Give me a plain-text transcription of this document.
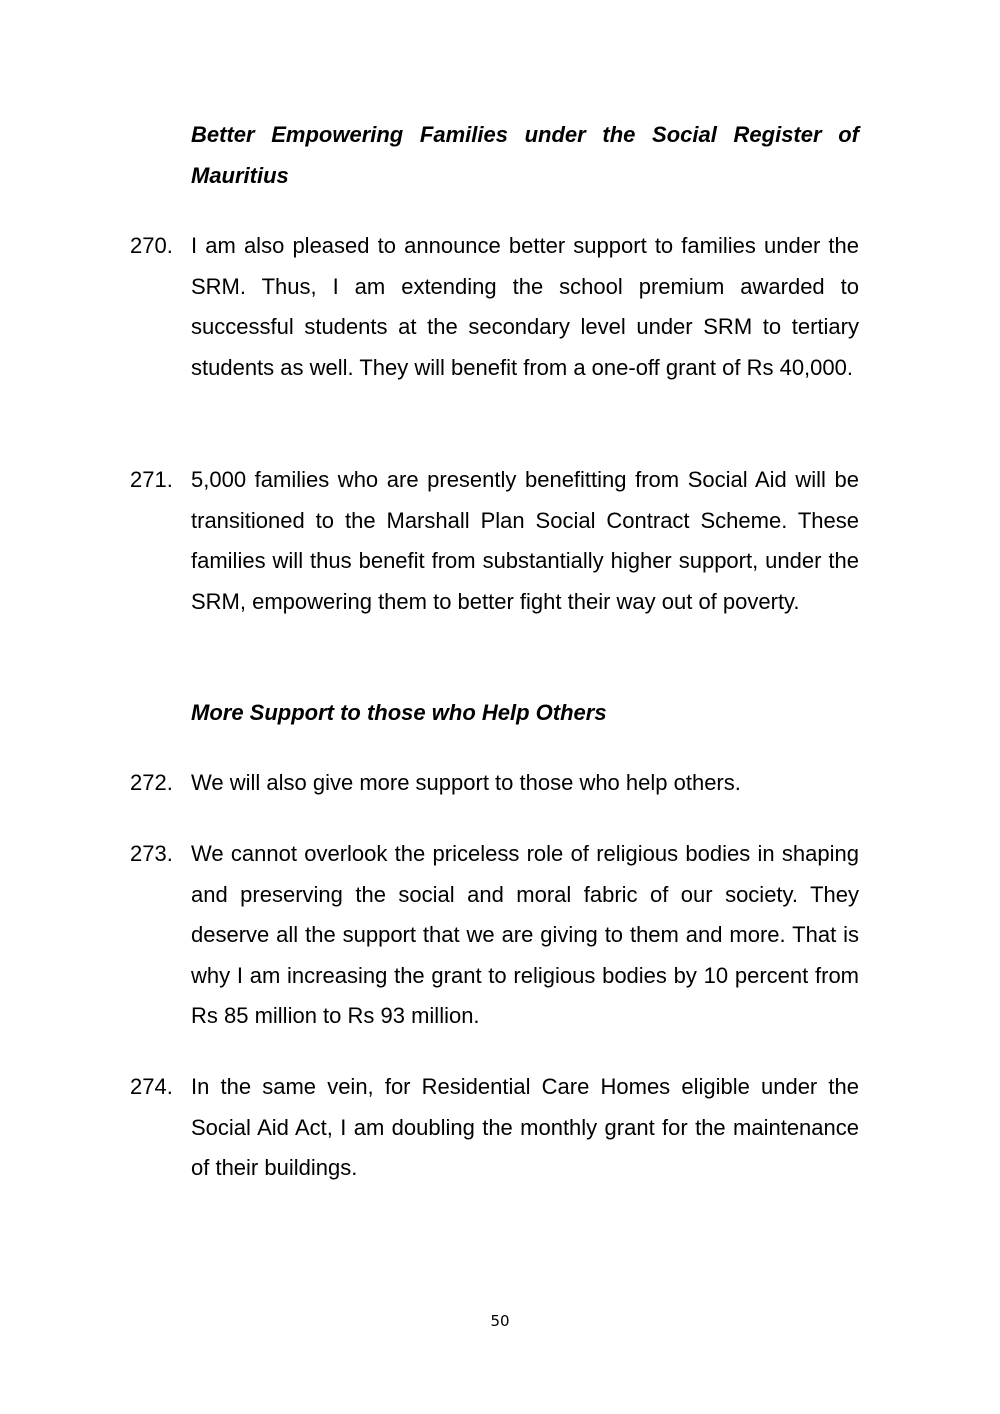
Better Empowering Families under the Social Register of Mauritius
270. I am also pleased to announce better support to families under the SRM. Thus, I am extending the school premium awarded to successful students at the secondary level under SRM to tertiary students as well. They will benefit from a one-off grant of Rs 40,000.
271. 5,000 families who are presently benefitting from Social Aid will be transitioned to the Marshall Plan Social Contract Scheme. These families will thus benefit from substantially higher support, under the SRM, empowering them to better fight their way out of poverty.
More Support to those who Help Others
272. We will also give more support to those who help others.
273. We cannot overlook the priceless role of religious bodies in shaping and preserving the social and moral fabric of our society. They deserve all the support that we are giving to them and more. That is why I am increasing the grant to religious bodies by 10 percent from Rs 85 million to Rs 93 million.
274. In the same vein, for Residential Care Homes eligible under the Social Aid Act, I am doubling the monthly grant for the maintenance of their buildings.
50
